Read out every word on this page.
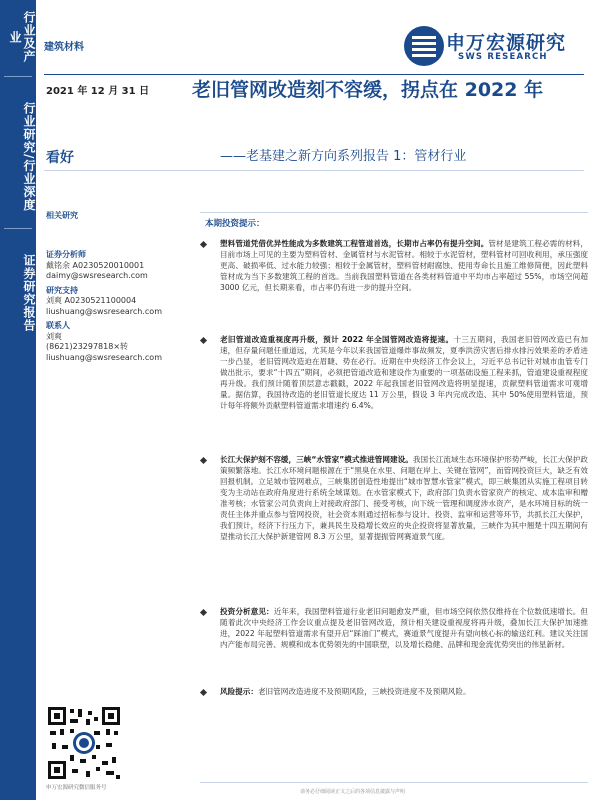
行业及产业
行业研究/行业深度
证券研究报告
建筑材料	申万宏源研究
SWS RESEARCH
2021 年 12 月 31 日 老旧管网改造刻不容缓，拐点在 2022 年
——老基建之新方向系列报告 1：管材行业
看好
相关研究
证券分析师
戴铭余 A0230520010001
daimy@swsresearch.com
研究支持
刘爽 A0230521100004
liushuang@swsresearch.com
联系人
刘爽
(8621)23297818×转
liushuang@swsresearch.com
申万宏源研究微信服务号
本期投资提示：
塑料管道凭借优异性能成为多数建筑工程管道首选，长期市占率仍有提升空间。管材是建筑工程必需的材料，目前市场上可见的主要为塑料管材、金属管材与水泥管材。相较于水泥管材，塑料管材可回收利用，承压强度更高、破损率低、过水能力较强；相较于金属管材，塑料管材耐腐蚀、使用寿命长且施工维修简便，因此塑料管材成为当下多数建筑工程的首选。当前我国塑料管道在各类材料管道中平均市占率超过 55%，市场空间超 3000 亿元，但长期来看，市占率仍有进一步的提升空间。
老旧管道改造重视度再升级，预计 2022 年全国管网改造将提速。十三五期间，我国老旧管网改造已有加速，但存量问题任重道远，尤其是今年以来我国管道爆炸事故频发，夏季洪涝灾害后排水排污效果差的矛盾进一步凸显，老旧管网改造迫在眉睫、势在必行。近期在中央经济工作会议上，习近平总书记针对城市血管专门做出批示，要求“十四五”期间，必须把管道改造和建设作为重要的一项基础设施工程来抓，管道建设重视程度再升级。我们预计随着顶层意志戳戳，2022 年起我国老旧管网改造将明显提速，贡献塑料管道需求可观增量。据估算，我国待改造的老旧管道长度达 11 万公里，假设 3 年内完成改造、其中 50%使用塑料管道，预计每年将额外贡献塑料管道需求增速约 6.4%。
长江大保护刻不容缓，三峡“水管家”模式推进管网建设。我国长江流域生态环境保护形势严峻，长江大保护政策频繁落地。长江水环境问题根源在于“黑臭在水里、问题在岸上、关键在管网”，而管网投资巨大，缺乏有效回报机制。立足城市管网难点，三峡集团创造性地提出“城市智慧水管家”模式，即三峡集团从实施工程项目转变为主动站在政府角度进行系统全域谋划。在水管家模式下，政府部门负责水管家资产的核定、成本监审和赠准考核；水管家公司负责向上对接政府部门、接受考核，向下统一管理和调度涉水资产，是水环境目标的统一责任主体并重点参与管网投资，社会资本则通过招标参与设计、投资、监审和运营等环节，共抓长江大保护，我们预计，经济下行压力下，兼具民生及稳增长效应的央企投资将显著放量，三峡作为其中翘楚十四五期间有望推动长江大保护新建管网 8.3 万公里，显著提振管网赛道景气度。
投资分析意见：近年来，我国塑料管道行业老旧问题愈发严重，但市场空间依然仅维持在个位数低速增长。但随着此次中央经济工作会议重点提及老旧管网改造，预计相关建设重视度将再升级，叠加长江大保护加速推进，2022 年起塑料管道需求有望开启“踩油门”模式，赛道景气度提升有望向核心标的输送红利。建议关注国内产能布局完善、规模和成本优势领先的中国联塑，以及增长稳健、品牌和现金流优势突出的伟星新材。
风险提示：老旧管网改造进度不及预期风险，三峡投资进度不及预期风险。
请务必仔细阅读正文之后的各项信息披露与声明
